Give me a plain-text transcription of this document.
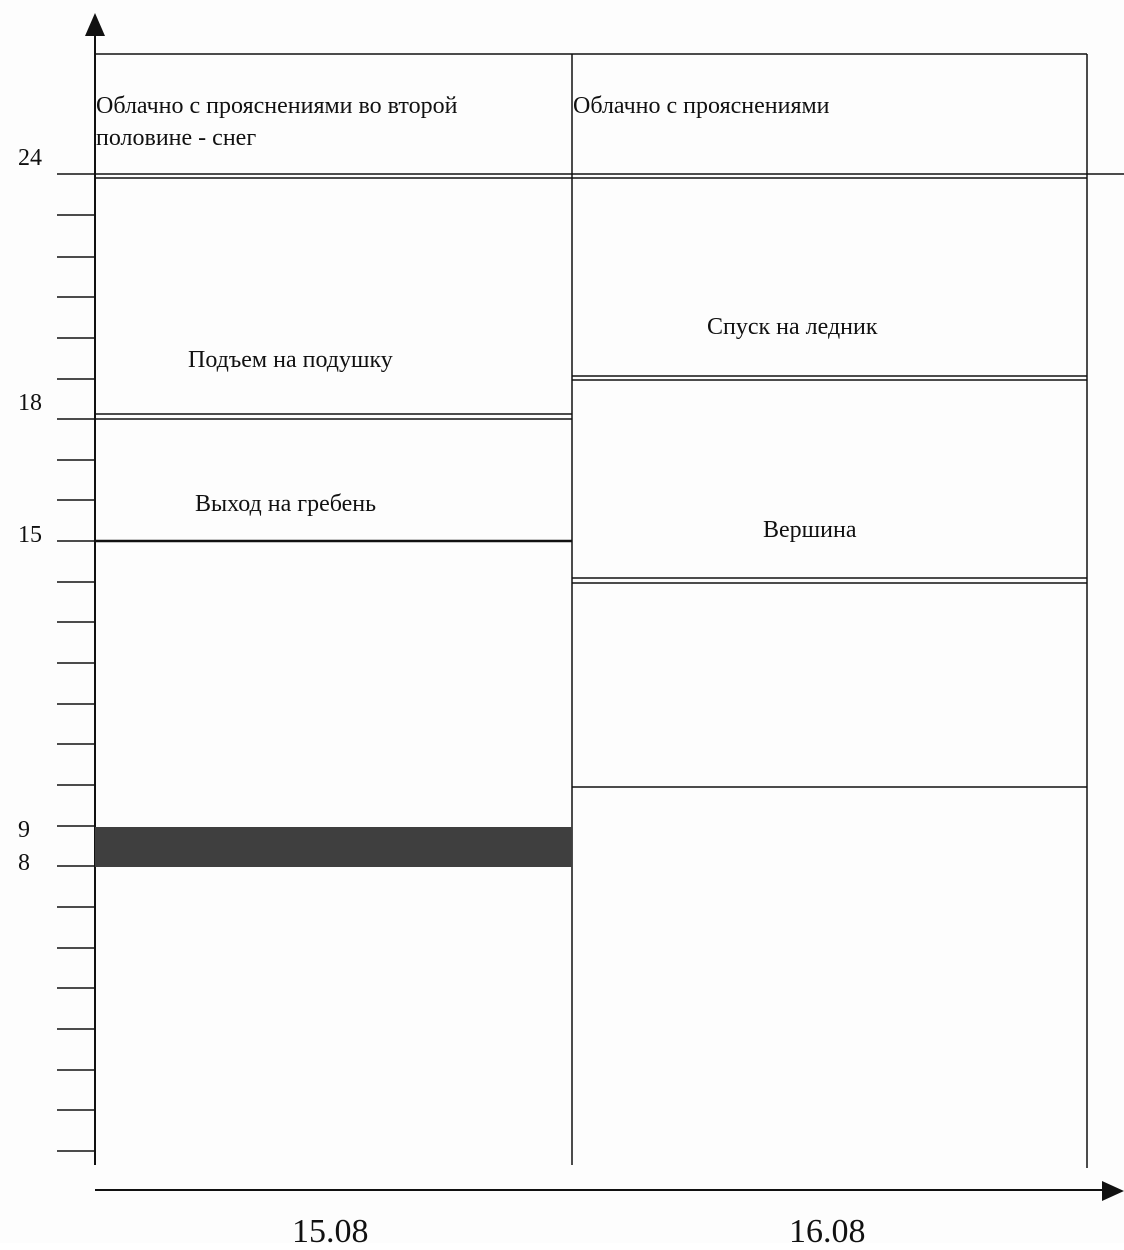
24
18
15
9
8
Облачно с прояснениями во второй половине - снег
Подъем на подушку
Выход на гребень
Облачно с прояснениями
Спуск на ледник
Вершина
15.08	16.08
